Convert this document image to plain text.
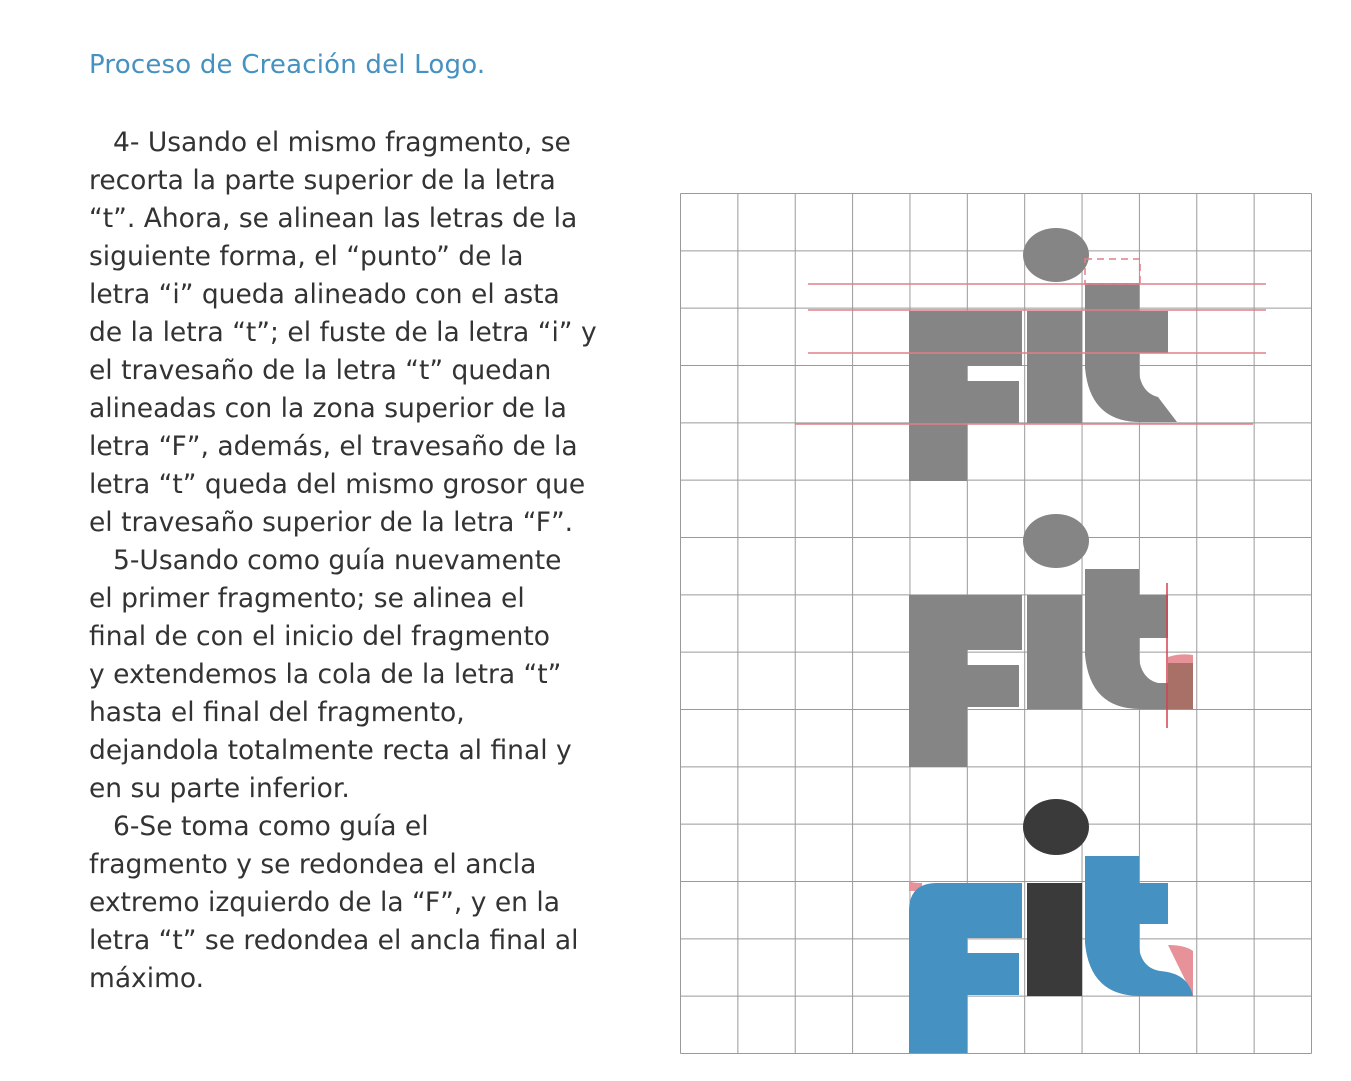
Proceso de Creación del Logo.
4- Usando el mismo fragmento, se
recorta la parte superior de la letra
“t”. Ahora, se alinean las letras de la
siguiente forma, el “punto” de la
letra “i” queda alineado con el asta
de la letra “t”; el fuste de la letra “i” y
el travesaño de la letra “t” quedan
alineadas con la zona superior de la
letra “F”, además, el travesaño de la
letra “t” queda del mismo grosor que
el travesaño superior de la letra “F”.
5-Usando como guía nuevamente
el primer fragmento; se alinea el
final de con el inicio del fragmento
y extendemos la cola de la letra “t”
hasta el final del fragmento,
dejandola totalmente recta al final y
en su parte inferior.
6-Se toma como guía el
fragmento y se redondea el ancla
extremo izquierdo de la “F”, y en la
letra “t” se redondea el ancla final al
máximo.
